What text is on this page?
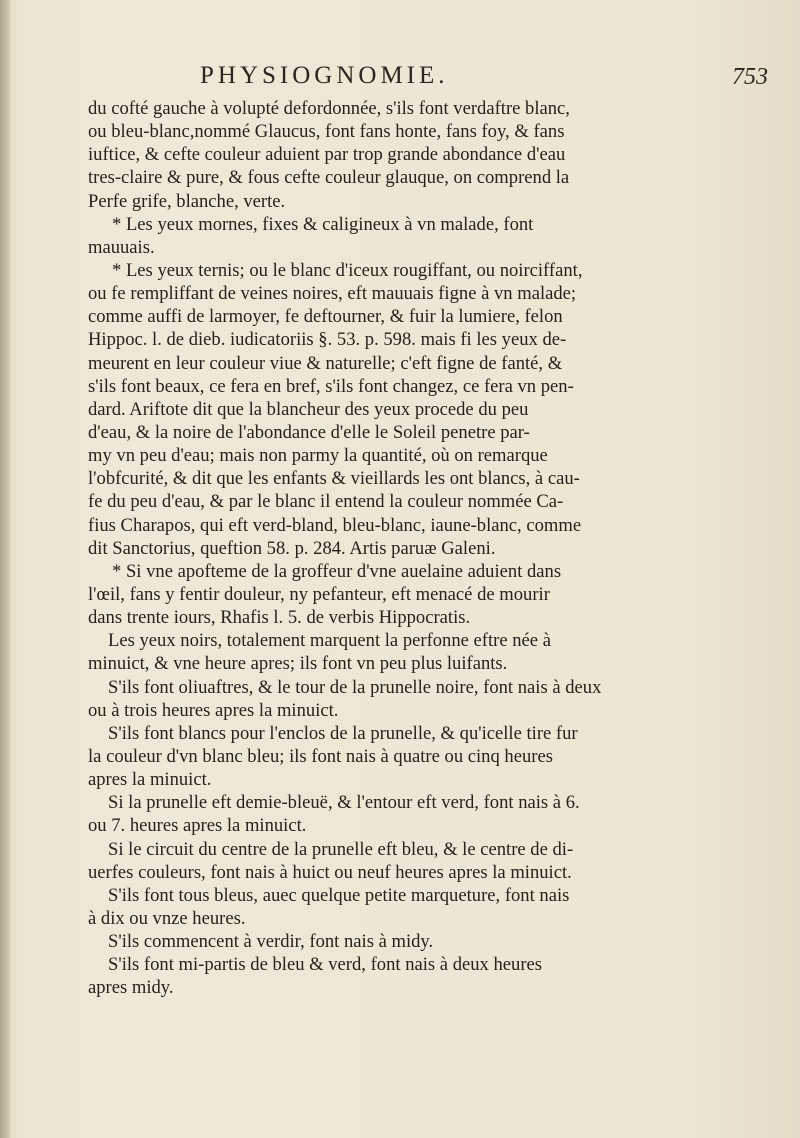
PHYSIOGNOMIE.	753
du cofté gauche à volupté defordonnée, s'ils font verdaftre blanc,
ou bleu-blanc,nommé Glaucus, font fans honte, fans foy, & fans
iuftice, & cefte couleur aduient par trop grande abondance d'eau
tres-claire & pure, & fous cefte couleur glauque, on comprend la
Perfe grife, blanche, verte.
* Les yeux mornes, fixes & caligineux à vn malade, font
mauuais.
* Les yeux ternis; ou le blanc d'iceux rougiffant, ou noirciffant,
ou fe rempliffant de veines noires, eft mauuais figne à vn malade;
comme auffi de larmoyer, fe deftourner, & fuir la lumiere, felon
Hippoc. l. de dieb. iudicatoriis §. 53. p. 598. mais fi les yeux de-
meurent en leur couleur viue & naturelle; c'eft figne de fanté, &
s'ils font beaux, ce fera en bref, s'ils font changez, ce fera vn pen-
dard. Ariftote dit que la blancheur des yeux procede du peu
d'eau, & la noire de l'abondance d'elle le Soleil penetre par-
my vn peu d'eau; mais non parmy la quantité, où on remarque
l'obfcurité, & dit que les enfants & vieillards les ont blancs, à cau-
fe du peu d'eau, & par le blanc il entend la couleur nommée Ca-
fius Charapos, qui eft verd-bland, bleu-blanc, iaune-blanc, comme
dit Sanctorius, queftion 58. p. 284. Artis paruæ Galeni.
* Si vne apofteme de la groffeur d'vne auelaine aduient dans
l'œil, fans y fentir douleur, ny pefanteur, eft menacé de mourir
dans trente iours, Rhafis l. 5. de verbis Hippocratis.
Les yeux noirs, totalement marquent la perfonne eftre née à
minuict, & vne heure apres; ils font vn peu plus luifants.
S'ils font oliuaftres, & le tour de la prunelle noire, font nais à deux
ou à trois heures apres la minuict.
S'ils font blancs pour l'enclos de la prunelle, & qu'icelle tire fur
la couleur d'vn blanc bleu; ils font nais à quatre ou cinq heures
apres la minuict.
Si la prunelle eft demie-bleuë, & l'entour eft verd, font nais à 6.
ou 7. heures apres la minuict.
Si le circuit du centre de la prunelle eft bleu, & le centre de di-
uerfes couleurs, font nais à huict ou neuf heures apres la minuict.
S'ils font tous bleus, auec quelque petite marqueture, font nais
à dix ou vnze heures.
S'ils commencent à verdir, font nais à midy.
S'ils font mi-partis de bleu & verd, font nais à deux heures
apres midy.
